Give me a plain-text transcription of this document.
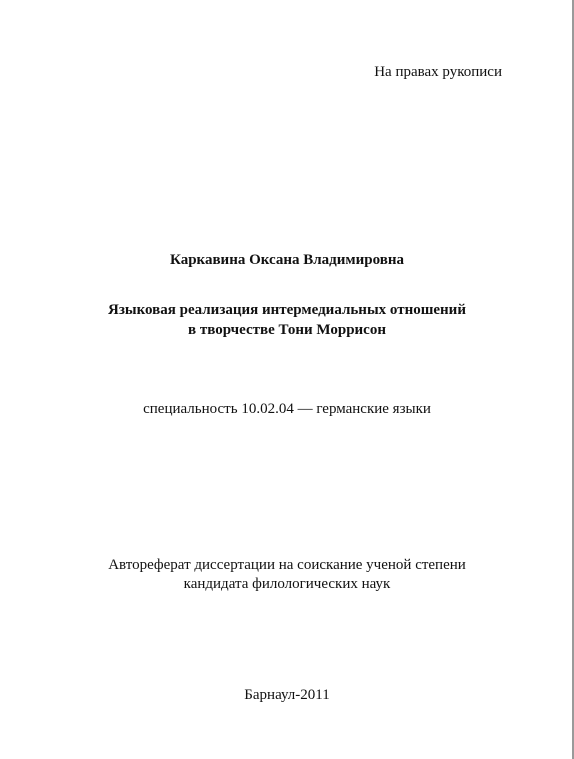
На правах рукописи
Каркавина Оксана Владимировна
Языковая реализация интермедиальных отношений
в творчестве Тони Моррисон
специальность 10.02.04 — германские языки
Автореферат диссертации на соискание ученой степени
кандидата филологических наук
Барнаул-2011
